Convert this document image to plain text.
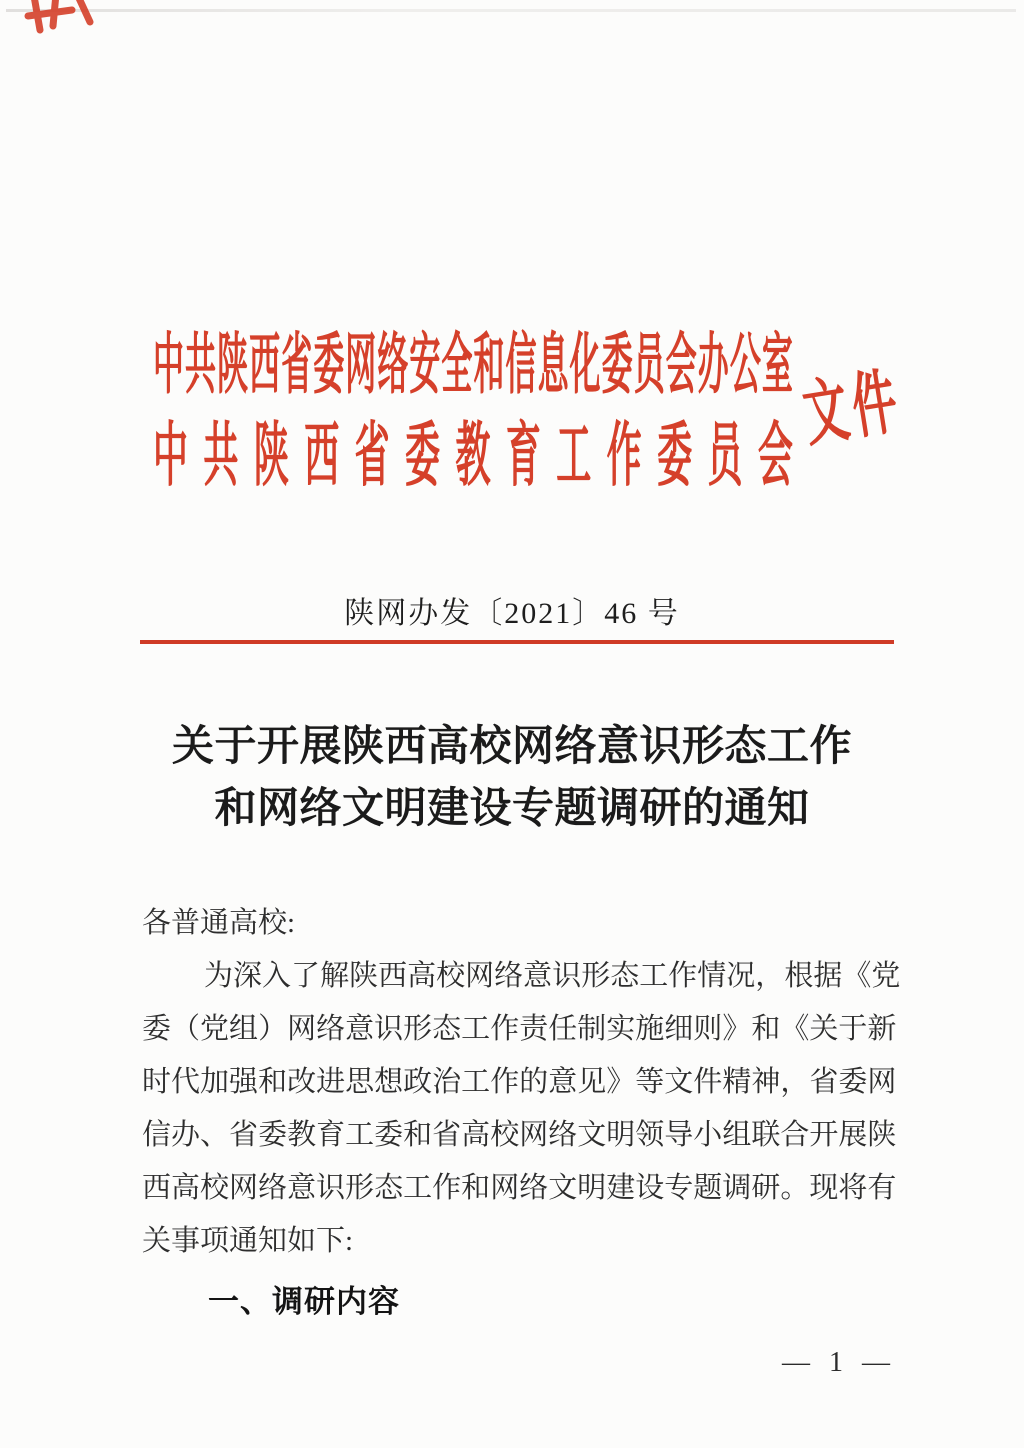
中 共 陕 西 省 委 网 络 安 全 和 信 息 化 委 员 会 办 公 室
中 共 陕 西 省 委 教 育 工 作 委 员 会
文件
陕网办发〔2021〕46 号
关于开展陕西高校网络意识形态工作
和网络文明建设专题调研的通知
各普通高校:
为 深 入 了 解 陕 西 高 校 网 络 意 识 形 态 工 作 情 况 ， 根 据 《 党
委 （ 党 组 ） 网 络 意 识 形 态 工 作 责 任 制 实 施 细 则 》 和 《 关 于 新
时 代 加 强 和 改 进 思 想 政 治 工 作 的 意 见 》 等 文 件 精 神 ， 省 委 网
信 办 、 省 委 教 育 工 委 和 省 高 校 网 络 文 明 领 导 小 组 联 合 开 展 陕
西 高 校 网 络 意 识 形 态 工 作 和 网 络 文 明 建 设 专 题 调 研 。 现 将 有
关事项通知如下:
一、调研内容
— 1 —
